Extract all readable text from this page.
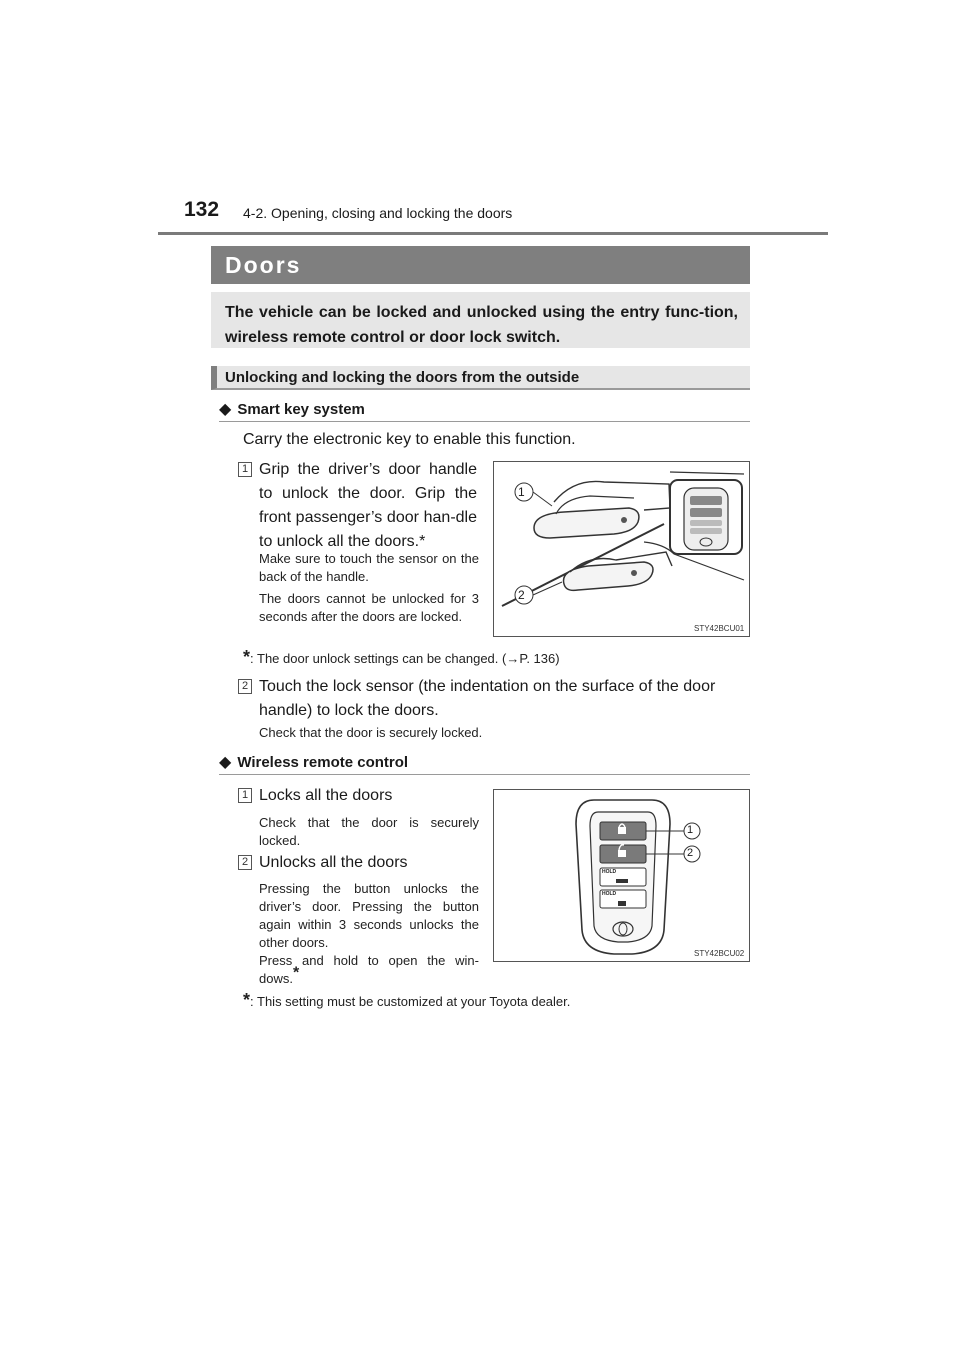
132 4-2. Opening, closing and locking the doors
Doors
The vehicle can be locked and unlocked using the entry func-tion, wireless remote control or door lock switch.
Unlocking and locking the doors from the outside
◆ Smart key system
Carry the electronic key to enable this function.
1 Grip the driver’s door handle to unlock the door. Grip the front passenger’s door han-dle to unlock all the doors.*
Make sure to touch the sensor on the back of the handle.
The doors cannot be unlocked for 3 seconds after the doors are locked.
1
2
STY42BCU01
*: The door unlock settings can be changed. (→P. 136)
2 Touch the lock sensor (the indentation on the surface of the door handle) to lock the doors.
Check that the door is securely locked.
◆ Wireless remote control
1 Locks all the doors
Check that the door is securely locked.
2 Unlocks all the doors
Pressing the button unlocks the driver’s door. Pressing the button again within 3 seconds unlocks the other doors.
Press and hold to open the win-dows.*
1
2
HOLD
HOLD
STY42BCU02
*: This setting must be customized at your Toyota dealer.
